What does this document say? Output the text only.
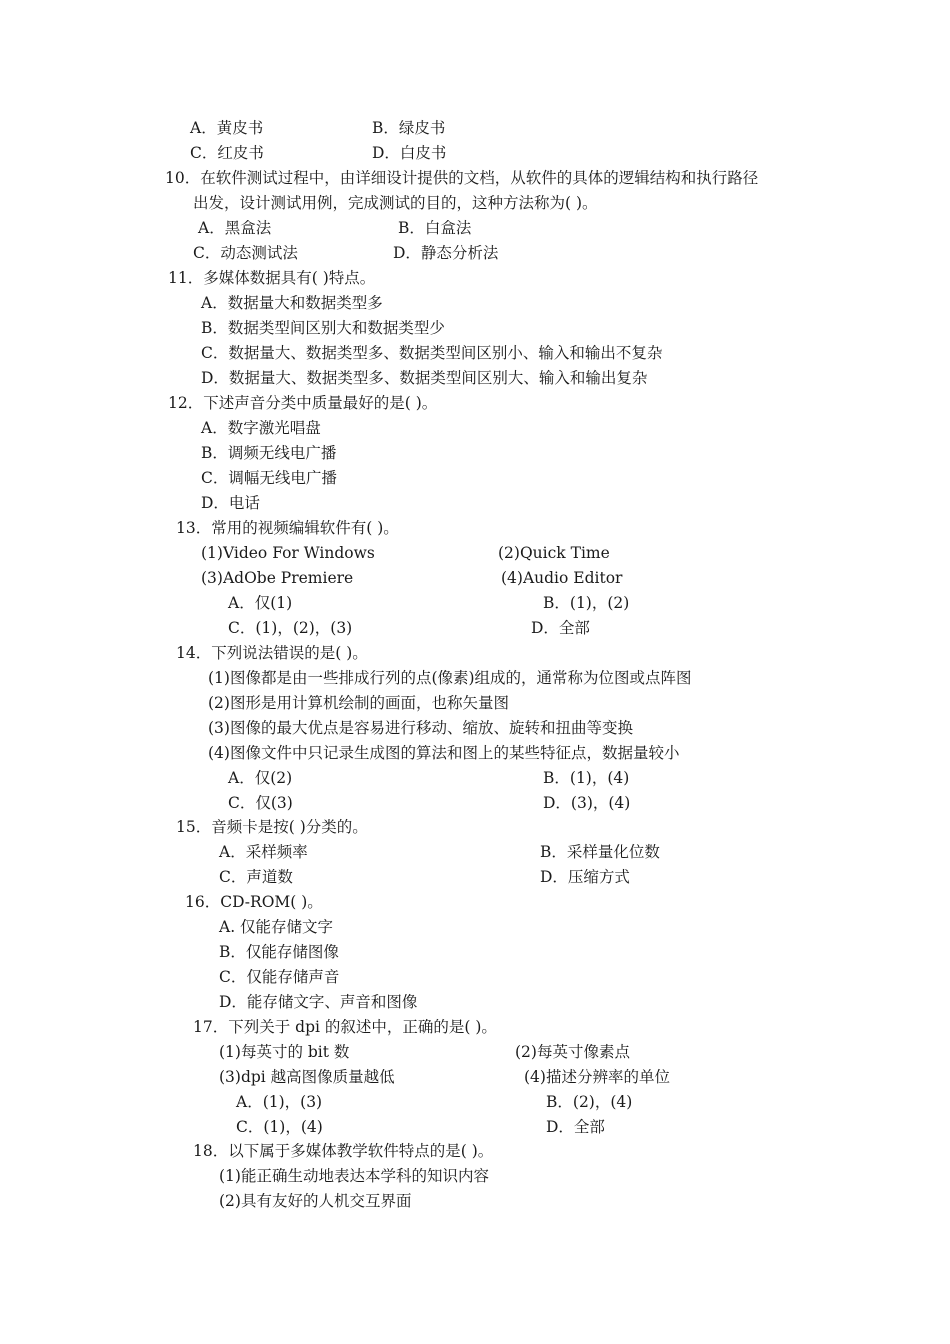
A．黄皮书	B．绿皮书
C．红皮书	D．白皮书
10．在软件测试过程中，由详细设计提供的文档，从软件的具体的逻辑结构和执行路径
出发，设计测试用例，完成测试的目的，这种方法称为( )。
A．黑盒法	B．白盒法
C．动态测试法	D．静态分析法
11．多媒体数据具有( )特点。
A．数据量大和数据类型多
B．数据类型间区别大和数据类型少
C．数据量大、数据类型多、数据类型间区别小、输入和输出不复杂
D．数据量大、数据类型多、数据类型间区别大、输入和输出复杂
12．下述声音分类中质量最好的是( )。
A．数字激光唱盘
B．调频无线电广播
C．调幅无线电广播
D．电话
13．常用的视频编辑软件有( )。
(1)Video For Windows	(2)Quick Time
(3)AdObe Premiere	(4)Audio Editor
A．仅(1)	B．(1)，(2)
C．(1)，(2)，(3)	D．全部
14．下列说法错误的是( )。
(1)图像都是由一些排成行列的点(像素)组成的，通常称为位图或点阵图
(2)图形是用计算机绘制的画面，也称矢量图
(3)图像的最大优点是容易进行移动、缩放、旋转和扭曲等变换
(4)图像文件中只记录生成图的算法和图上的某些特征点，数据量较小
A．仅(2)	B．(1)，(4)
C．仅(3)	D．(3)，(4)
15．音频卡是按( )分类的。
A．采样频率	B．采样量化位数
C．声道数	D．压缩方式
16．CD-ROM( )。
A. 仅能存储文字
B．仅能存储图像
C．仅能存储声音
D．能存储文字、声音和图像
17．下列关于 dpi 的叙述中，正确的是( )。
(1)每英寸的 bit 数	(2)每英寸像素点
(3)dpi 越高图像质量越低	(4)描述分辨率的单位
A．(1)，(3)	B．(2)，(4)
C．(1)，(4)	D．全部
18．以下属于多媒体教学软件特点的是( )。
(1)能正确生动地表达本学科的知识内容
(2)具有友好的人机交互界面
